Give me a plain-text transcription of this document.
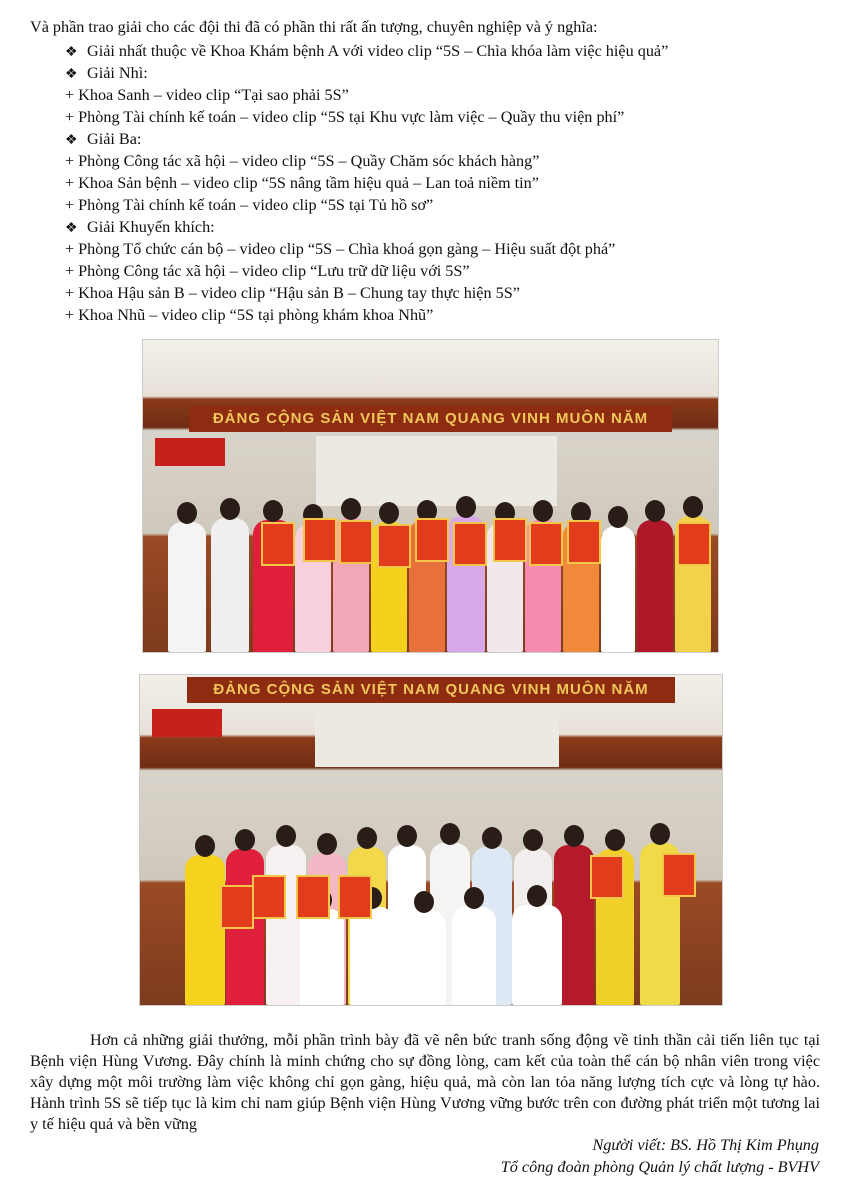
Và phần trao giải cho các đội thi đã có phần thi rất ấn tượng, chuyên nghiệp và ý nghĩa:
❖ Giải nhất thuộc về Khoa Khám bệnh A với video clip “5S – Chìa khóa làm việc hiệu quả”
❖ Giải Nhì:
+ Khoa Sanh – video clip “Tại sao phải 5S”
+ Phòng Tài chính kế toán – video clip “5S tại Khu vực làm việc – Quầy thu viện phí”
❖ Giải Ba:
+ Phòng Công tác xã hội – video clip “5S – Quầy Chăm sóc khách hàng”
+ Khoa Sản bệnh – video clip “5S nâng tầm hiệu quả – Lan toả niềm tin”
+ Phòng Tài chính kế toán – video clip “5S tại Tủ hồ sơ”
❖ Giải Khuyến khích:
+ Phòng Tổ chức cán bộ – video clip “5S – Chìa khoá gọn gàng – Hiệu suất đột phá”
+ Phòng Công tác xã hội – video clip “Lưu trữ dữ liệu với 5S”
+ Khoa Hậu sản B – video clip “Hậu sản B – Chung tay thực hiện 5S”
+ Khoa Nhũ – video clip “5S tại phòng khám khoa Nhũ”
ĐẢNG CỘNG SẢN VIỆT NAM QUANG VINH MUÔN NĂM
ĐẢNG CỘNG SẢN VIỆT NAM QUANG VINH MUÔN NĂM
Hơn cả những giải thưởng, mỗi phần trình bày đã vẽ nên bức tranh sống động về tinh thần cải tiến liên tục tại Bệnh viện Hùng Vương. Đây chính là minh chứng cho sự đồng lòng, cam kết của toàn thể cán bộ nhân viên trong việc xây dựng một môi trường làm việc không chỉ gọn gàng, hiệu quả, mà còn lan tỏa năng lượng tích cực và lòng tự hào. Hành trình 5S sẽ tiếp tục là kim chỉ nam giúp Bệnh viện Hùng Vương vững bước trên con đường phát triển một tương lai y tế hiệu quả và bền vững
Người viết: BS. Hồ Thị Kim Phụng
Tổ công đoàn phòng Quản lý chất lượng - BVHV
